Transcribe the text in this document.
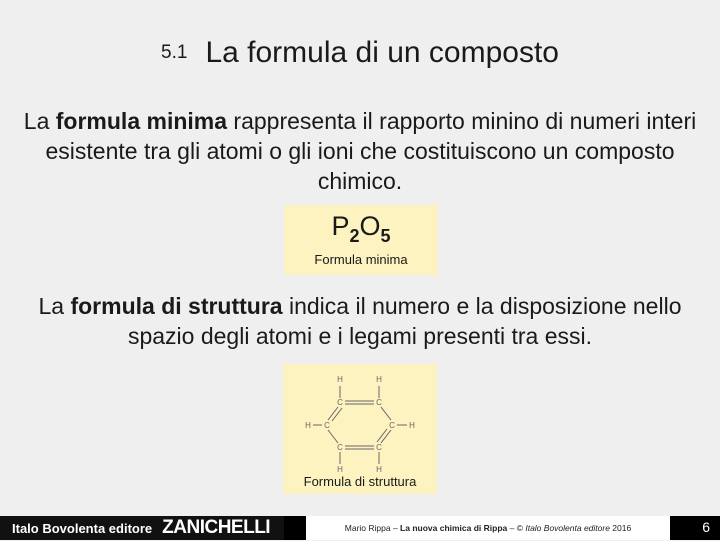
5.1 La formula di un composto
La formula minima rappresenta il rapporto minino di numeri interi esistente tra gli atomi o gli ioni che costituiscono un composto chimico.
$P_2O_5$
Formula minima
La formula di struttura indica il numero e la disposizione nello spazio degli atomi e i legami presenti tra essi.
H	H
C	C
H C	C H
C	C
H	H
Formula di struttura
Italo Bovolenta editore ZANICHELLI	Mario Rippa – La nuova chimica di Rippa – © Italo Bovolenta editore 2016	6
